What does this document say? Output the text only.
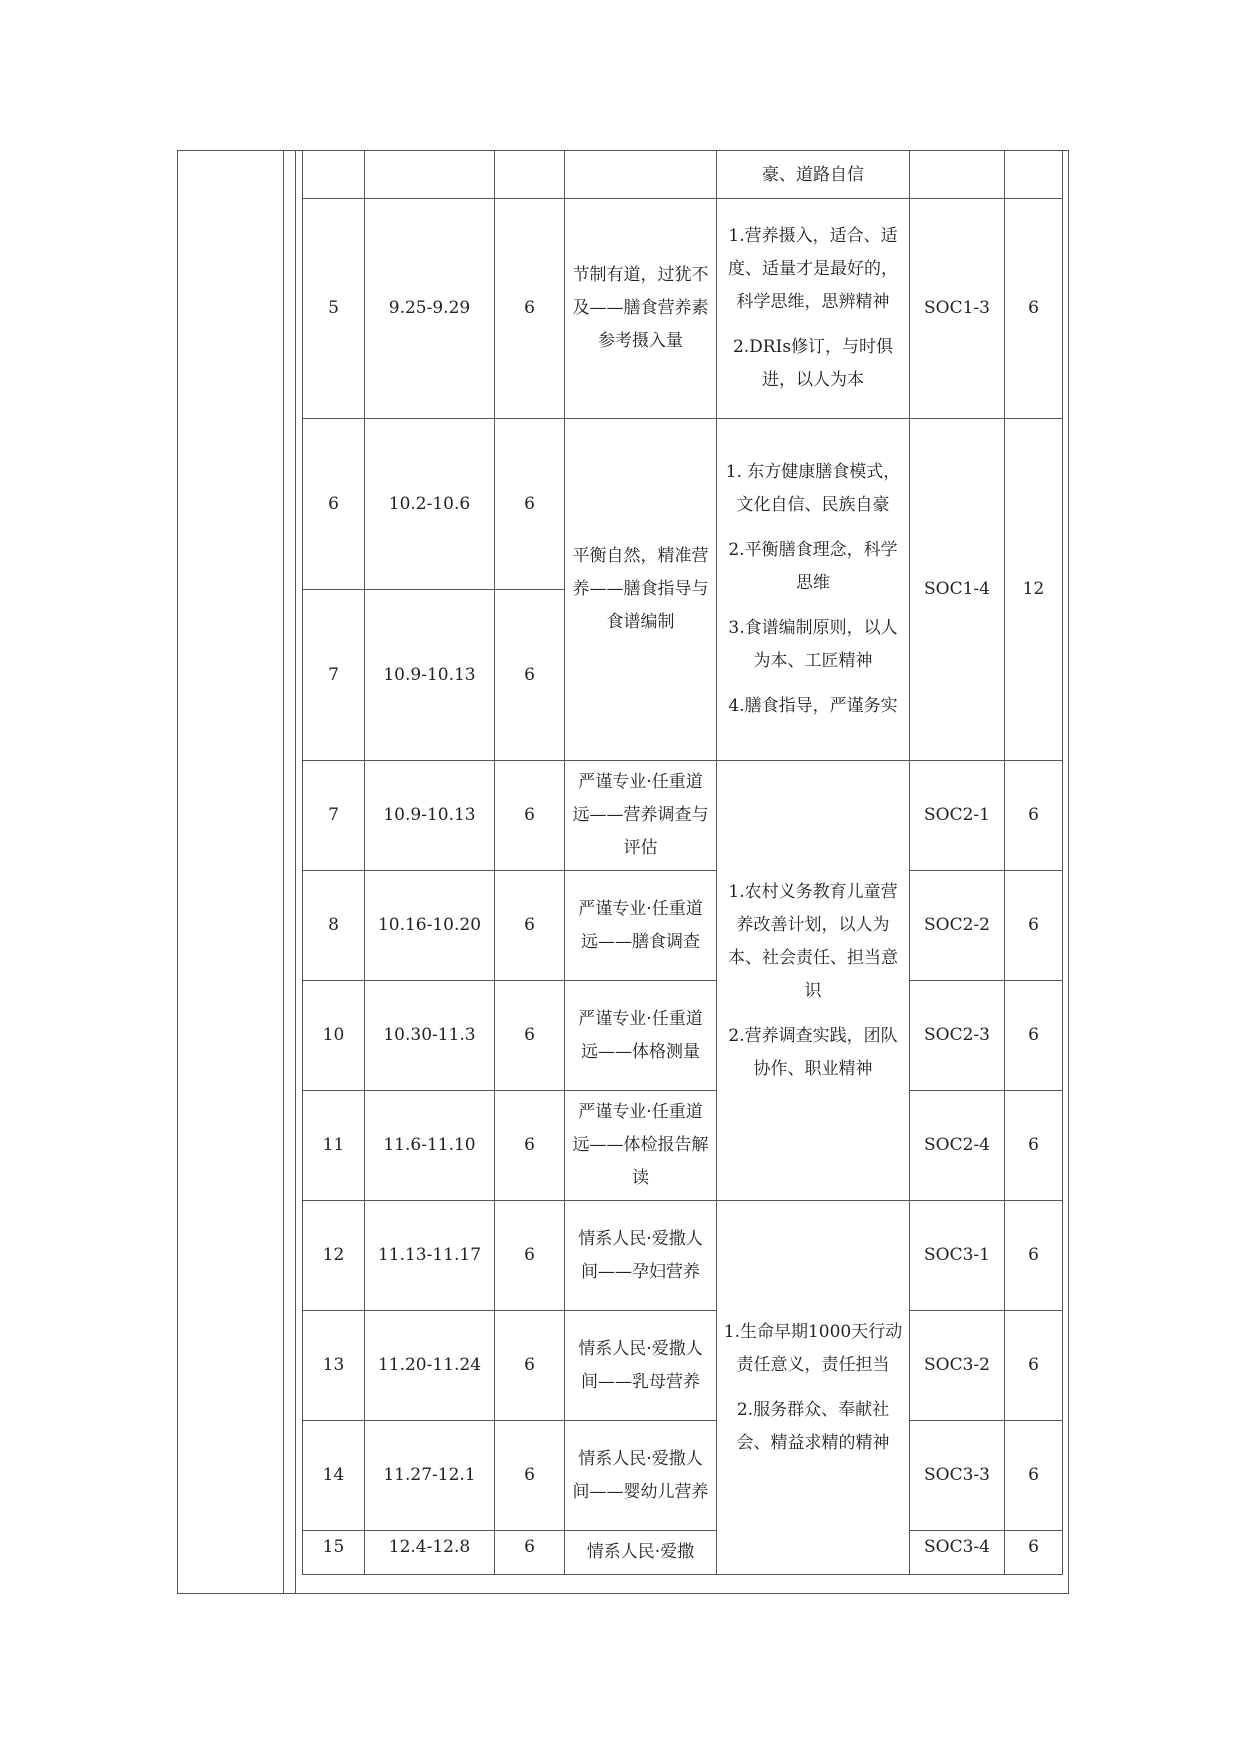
				豪、道路自信		
5	9.25-9.29	6	节制有道，过犹不及——膳食营养素参考摄入量	1.营养摄入，适合、适度、适量才是最好的，科学思维，思辨精神

2.DRIs修订，与时俱进，以人为本	SOC1-3	6
6	10.2-10.6	6	平衡自然，精准营养——膳食指导与食谱编制	1. 东方健康膳食模式，文化自信、民族自豪

2.平衡膳食理念，科学思维

3.食谱编制原则，以人为本、工匠精神

4.膳食指导，严谨务实	SOC1-4	12
7	10.9-10.13	6				
7	10.9-10.13	6	严谨专业·任重道远——营养调查与评估	1.农村义务教育儿童营养改善计划，以人为本、社会责任、担当意识

2.营养调查实践，团队协作、职业精神	SOC2-1	6
8	10.16-10.20	6	严谨专业·任重道远——膳食调查		SOC2-2	6
10	10.30-11.3	6	严谨专业·任重道远——体格测量		SOC2-3	6
11	11.6-11.10	6	严谨专业·任重道远——体检报告解读		SOC2-4	6
12	11.13-11.17	6	情系人民·爱撒人间——孕妇营养	1.生命早期1000天行动责任意义，责任担当

2.服务群众、奉献社会、精益求精的精神	SOC3-1	6
13	11.20-11.24	6	情系人民·爱撒人间——乳母营养		SOC3-2	6
14	11.27-12.1	6	情系人民·爱撒人间——婴幼儿营养		SOC3-3	6
15	12.4-12.8	6	情系人民·爱撒		SOC3-4	6
